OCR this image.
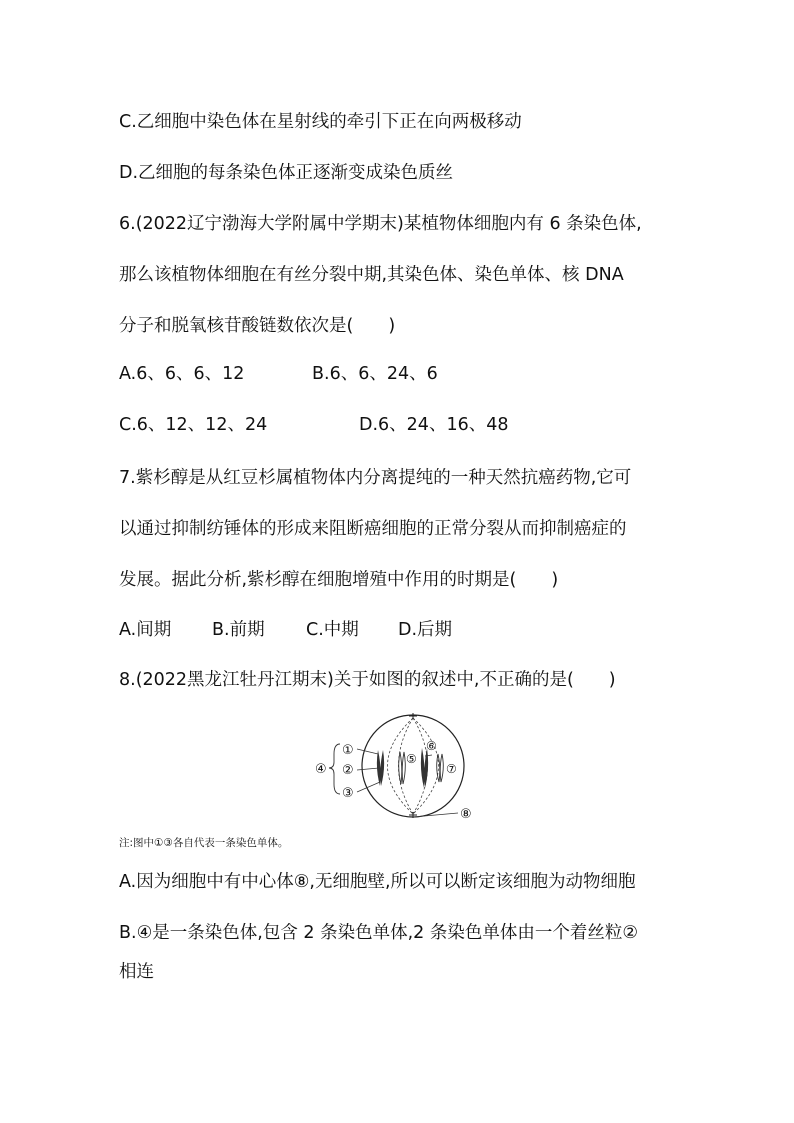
C.乙细胞中染色体在星射线的牵引下正在向两极移动
D.乙细胞的每条染色体正逐渐变成染色质丝
6.(2022辽宁渤海大学附属中学期末)某植物体细胞内有 6 条染色体,
那么该植物体细胞在有丝分裂中期,其染色体、染色单体、核 DNA
分子和脱氧核苷酸链数依次是(　　)
A.6、6、6、12	B.6、6、24、6
C.6、12、12、24	D.6、24、16、48
7.紫杉醇是从红豆杉属植物体内分离提纯的一种天然抗癌药物,它可
以通过抑制纺锤体的形成来阻断癌细胞的正常分裂从而抑制癌症的
发展。据此分析,紫杉醇在细胞增殖中作用的时期是(　　)
A.间期 B.前期 C.中期 D.后期
8.(2022黑龙江牡丹江期末)关于如图的叙述中,不正确的是(　　)
①
②
③
④
⑤
⑥
⑦
⑧
注:图中①③各自代表一条染色单体。
A.因为细胞中有中心体⑧,无细胞壁,所以可以断定该细胞为动物细胞
B.④是一条染色体,包含 2 条染色单体,2 条染色单体由一个着丝粒②
相连
